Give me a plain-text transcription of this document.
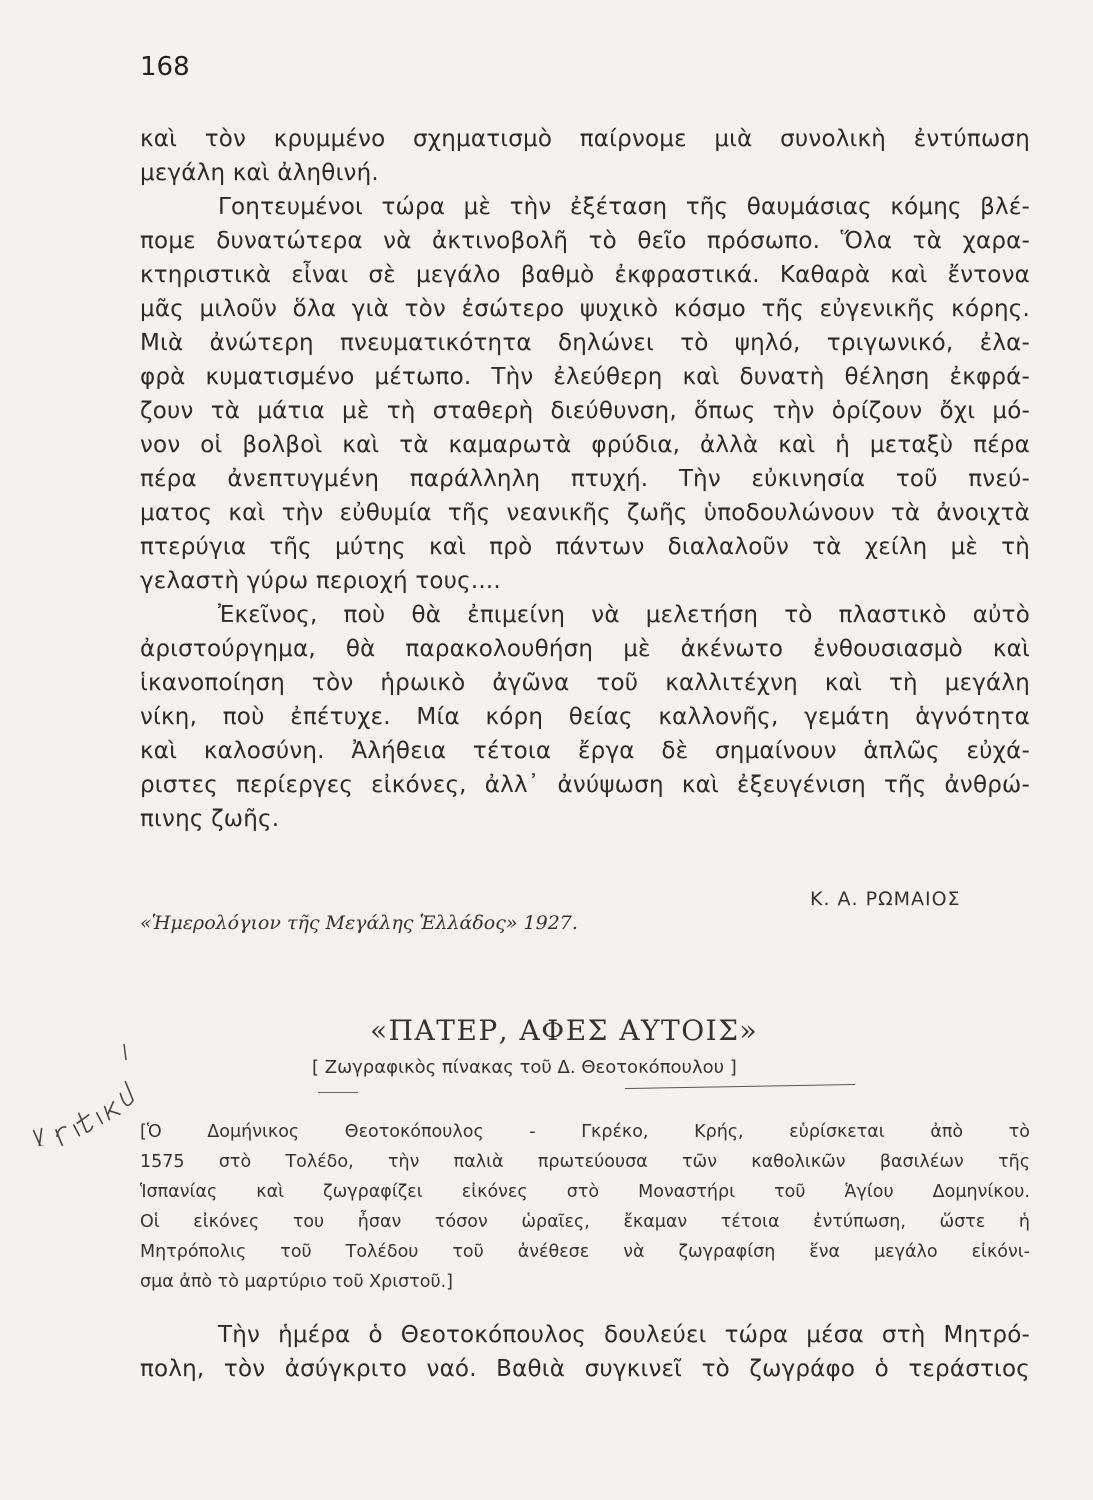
168
καὶ τὸν κρυμμένο σχηματισμὸ παίρνομε μιὰ συνολικὴ ἐντύπωση
μεγάλη καὶ ἀληθινή.
Γοητευμένοι τώρα μὲ τὴν ἐξέταση τῆς θαυμάσιας κόμης βλέ-
πομε δυνατώτερα νὰ ἀκτινοβολῆ τὸ θεῖο πρόσωπο. Ὅλα τὰ χαρα-
κτηριστικὰ εἶναι σὲ μεγάλο βαθμὸ ἐκφραστικά. Καθαρὰ καὶ ἔντονα
μᾶς μιλοῦν ὅλα γιὰ τὸν ἐσώτερο ψυχικὸ κόσμο τῆς εὐγενικῆς κόρης.
Μιὰ ἀνώτερη πνευματικότητα δηλώνει τὸ ψηλό, τριγωνικό, ἐλα-
φρὰ κυματισμένο μέτωπο. Τὴν ἐλεύθερη καὶ δυνατὴ θέληση ἐκφρά-
ζουν τὰ μάτια μὲ τὴ σταθερὴ διεύθυνση, ὅπως τὴν ὁρίζουν ὄχι μό-
νον οἱ βολβοὶ καὶ τὰ καμαρωτὰ φρύδια, ἀλλὰ καὶ ἡ μεταξὺ πέρα
πέρα ἀνεπτυγμένη παράλληλη πτυχή. Τὴν εὐκινησία τοῦ πνεύ-
ματος καὶ τὴν εὐθυμία τῆς νεανικῆς ζωῆς ὑποδουλώνουν τὰ ἀνοιχτὰ
πτερύγια τῆς μύτης καὶ πρὸ πάντων διαλαλοῦν τὰ χείλη μὲ τὴ
γελαστὴ γύρω περιοχή τους....
Ἐκεῖνος, ποὺ θὰ ἐπιμείνη νὰ μελετήση τὸ πλαστικὸ αὐτὸ
ἀριστούργημα, θὰ παρακολουθήση μὲ ἀκένωτο ἐνθουσιασμὸ καὶ
ἱκανοποίηση τὸν ἡρωικὸ ἀγῶνα τοῦ καλλιτέχνη καὶ τὴ μεγάλη
νίκη, ποὺ ἐπέτυχε. Μία κόρη θείας καλλονῆς, γεμάτη ἁγνότητα
καὶ καλοσύνη. Ἀλήθεια τέτοια ἔργα δὲ σημαίνουν ἁπλῶς εὐχά-
ριστες περίεργες εἰκόνες, ἀλλ᾽ ἀνύψωση καὶ ἐξευγένιση τῆς ἀνθρώ-
πινης ζωῆς.
Κ. Α. ΡΩΜΑΙΟΣ
«Ἡμερολόγιον τῆς Μεγάλης Ἑλλάδος» 1927.
«ΠΑΤΕΡ, ΑΦΕΣ ΑΥΤΟΙΣ»
[ Ζωγραφικὸς πίνακας τοῦ Δ. Θεοτοκόπουλου ]
[Ὁ Δομήνικος Θεοτοκόπουλος - Γκρέκο, Κρής, εὑρίσκεται ἀπὸ τὸ
1575 στὸ Τολέδο, τὴν παλιὰ πρωτεύουσα τῶν καθολικῶν βασιλέων τῆς
Ἱσπανίας καὶ ζωγραφίζει εἰκόνες στὸ Μοναστήρι τοῦ Ἁγίου Δομηνίκου.
Οἱ εἰκόνες του ἦσαν τόσον ὡραῖες, ἔκαμαν τέτοια ἐντύπωση, ὥστε ἡ
Μητρόπολις τοῦ Τολέδου τοῦ ἀνέθεσε νὰ ζωγραφίση ἕνα μεγάλο εἰκόνι-
σμα ἀπὸ τὸ μαρτύριο τοῦ Χριστοῦ.]
Τὴν ἡμέρα ὁ Θεοτοκόπουλος δουλεύει τώρα μέσα στὴ Μητρό-
πολη, τὸν ἀσύγκριτο ναό. Βαθιὰ συγκινεῖ τὸ ζωγράφο ὁ τεράστιος
